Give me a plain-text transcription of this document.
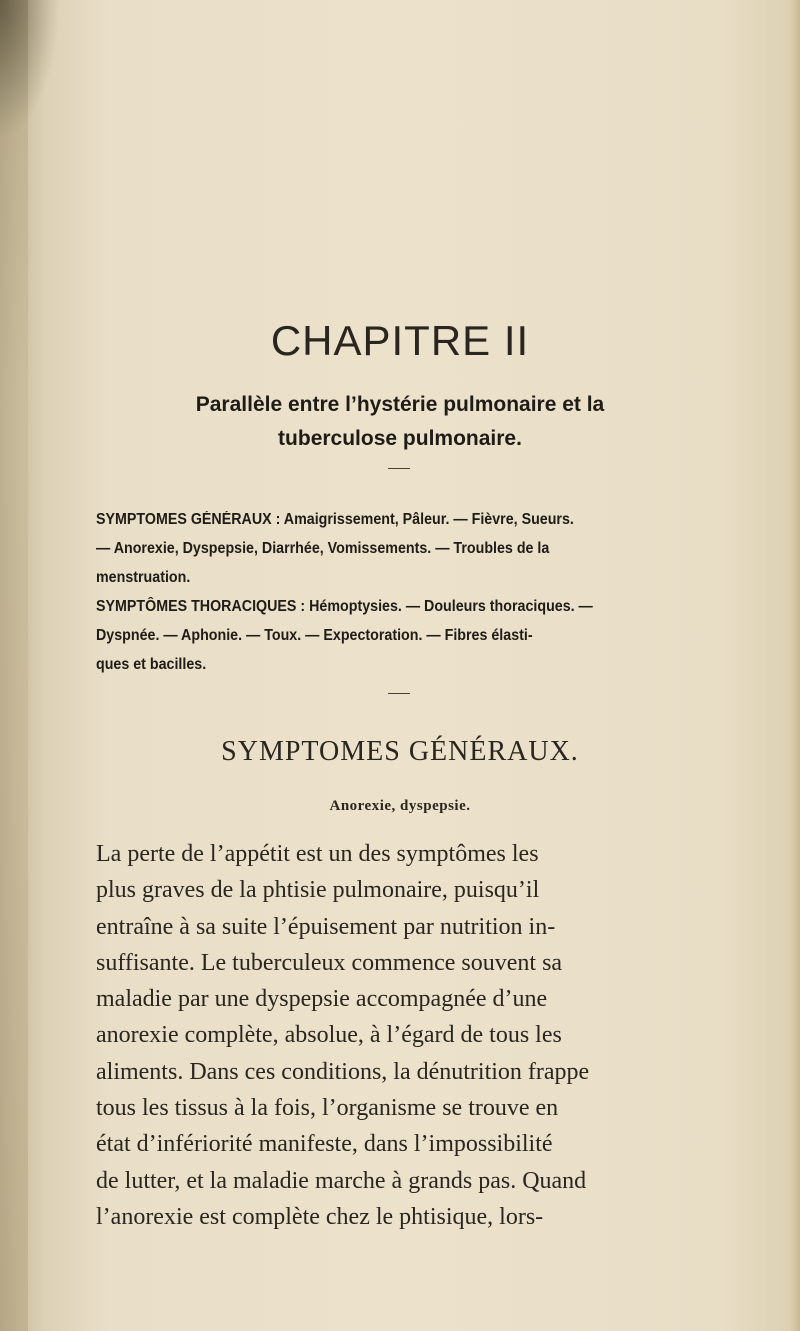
CHAPITRE II
Parallèle entre l’hystérie pulmonaire et la
tuberculose pulmonaire.

SYMPTOMES GÉNÉRAUX : Amaigrissement, Pâleur. — Fièvre, Sueurs.

— Anorexie, Dyspepsie, Diarrhée, Vomissements. — Troubles de la

menstruation.

SYMPTÔMES THORACIQUES : Hémoptysies. — Douleurs thoraciques. —

Dyspnée. — Aphonie. — Toux. — Expectoration. — Fibres élasti-

ques et bacilles.

SYMPTOMES GÉNÉRAUX.
Anorexie, dyspepsie.
La perte de l’appétit est un des symptômes les
plus graves de la phtisie pulmonaire, puisqu’il
entraîne à sa suite l’épuisement par nutrition in-
suffisante. Le tuberculeux commence souvent sa
maladie par une dyspepsie accompagnée d’une
anorexie complète, absolue, à l’égard de tous les
aliments. Dans ces conditions, la dénutrition frappe
tous les tissus à la fois, l’organisme se trouve en
état d’infériorité manifeste, dans l’impossibilité
de lutter, et la maladie marche à grands pas. Quand
l’anorexie est complète chez le phtisique, lors-
